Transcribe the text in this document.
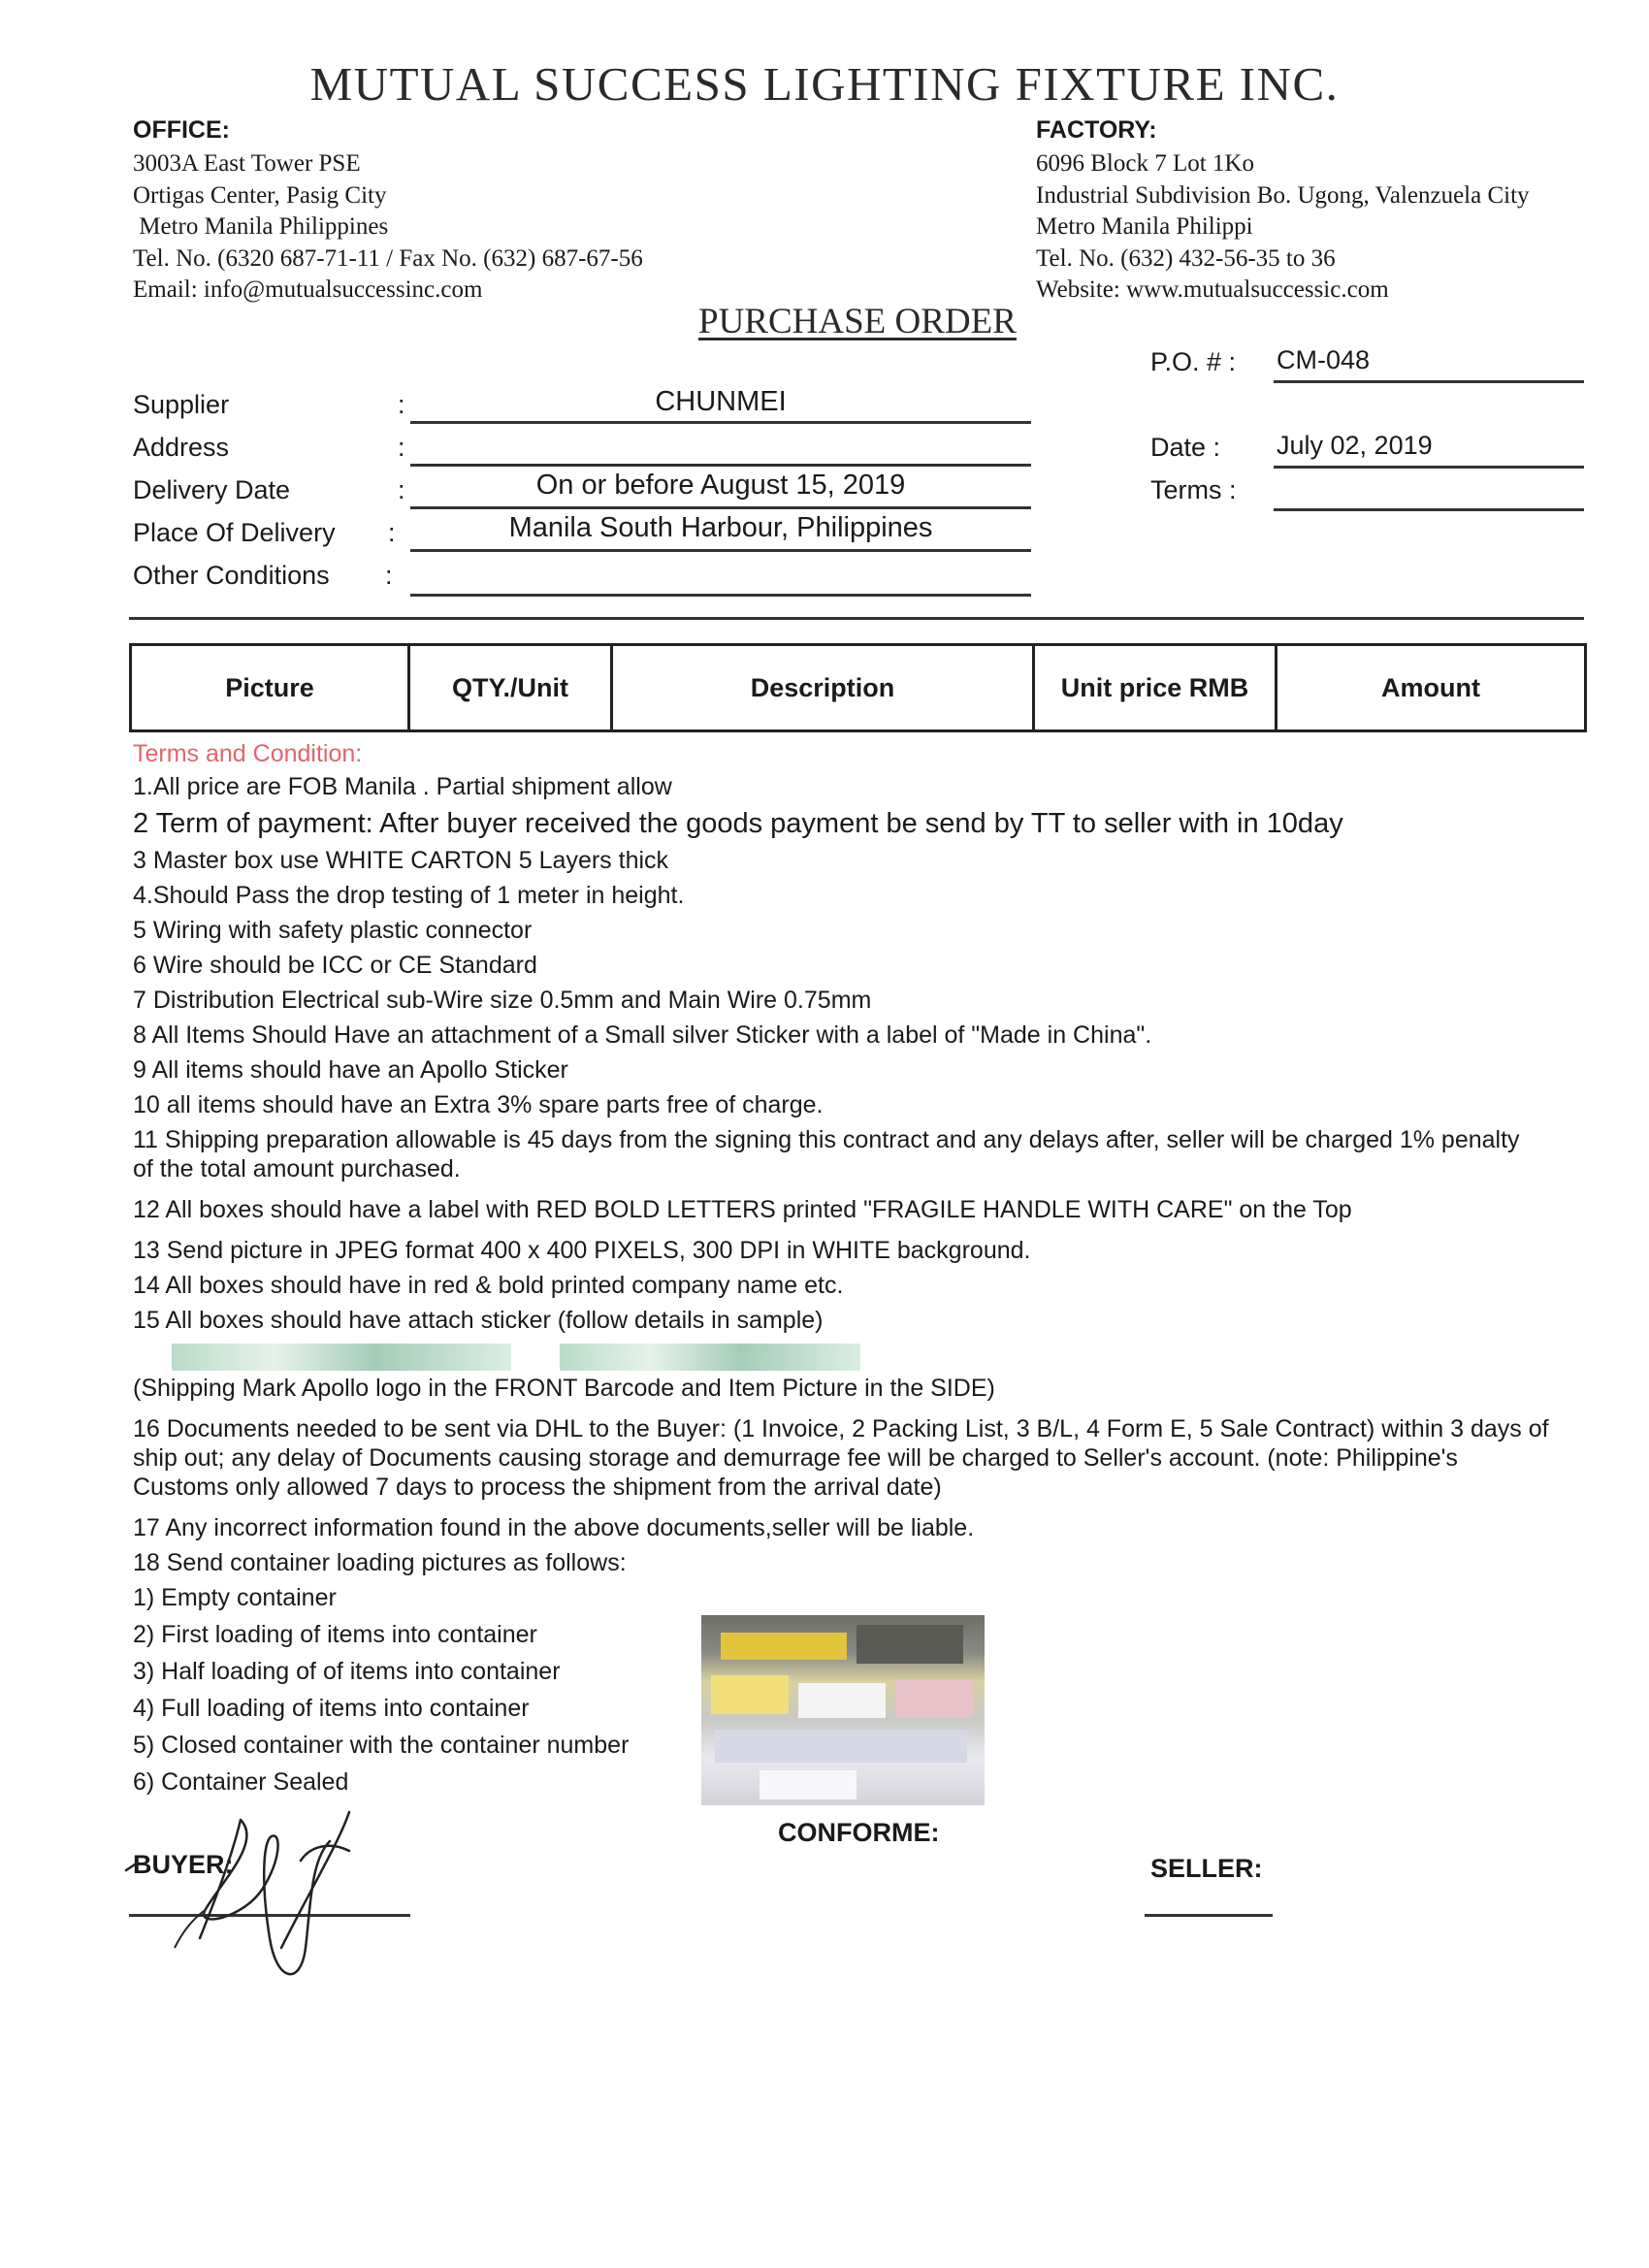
MUTUAL SUCCESS LIGHTING FIXTURE INC.
OFFICE:
3003A East Tower PSE
Ortigas Center, Pasig City
Metro Manila Philippines
Tel. No. (6320 687-71-11 / Fax No. (632) 687-67-56
Email: info@mutualsuccessinc.com
FACTORY:
6096 Block 7 Lot 1Ko
Industrial Subdivision Bo. Ugong, Valenzuela City
Metro Manila Philippi
Tel. No. (632) 432-56-35 to 36
Website: www.mutualsuccessic.com
PURCHASE ORDER
Supplier	:	CHUNMEI
Address	:
Delivery Date	:	On or before August 15, 2019
Place Of Delivery :	Manila South Harbour, Philippines
Other Conditions :
P.O. # : CM-048
Date : July 02, 2019
Terms :
Picture	QTY./Unit	Description	Unit price RMB	Amount
Terms and Condition:

1.All price are FOB Manila . Partial shipment allow

2 Term of payment: After buyer received the goods payment be send by TT to seller with in 10day

3 Master box use WHITE CARTON 5 Layers thick

4.Should Pass the drop testing of 1 meter in height.

5 Wiring with safety plastic connector

6 Wire should be ICC or CE Standard

7 Distribution Electrical sub-Wire size 0.5mm and Main Wire 0.75mm

8 All Items Should Have an attachment of a Small silver Sticker with a label of "Made in China".

9 All items should have an Apollo Sticker

10 all items should have an Extra 3% spare parts free of charge.

11 Shipping preparation allowable is 45 days from the signing this contract and any delays after, seller will be charged 1% penalty of the total amount purchased.

12 All boxes should have a label with RED BOLD LETTERS printed "FRAGILE HANDLE WITH CARE" on the Top

13 Send picture in JPEG format 400 x 400 PIXELS, 300 DPI in WHITE background.

14 All boxes should have in red & bold printed company name etc.

15 All boxes should have attach sticker (follow details in sample)

(Shipping Mark Apollo logo in the FRONT Barcode and Item Picture in the SIDE)

16 Documents needed to be sent via DHL to the Buyer: (1 Invoice, 2 Packing List, 3 B/L, 4 Form E, 5 Sale Contract) within 3 days of ship out; any delay of Documents causing storage and demurrage fee will be charged to Seller's account. (note: Philippine's Customs only allowed 7 days to process the shipment from the arrival date)

17 Any incorrect information found in the above documents,seller will be liable.

18 Send container loading pictures as follows:

1) Empty container

2) First loading of items into container

3) Half loading of of items into container

4) Full loading of items into container

5) Closed container with the container number

6) Container Sealed

CONFORME:
BUYER:	SELLER:
